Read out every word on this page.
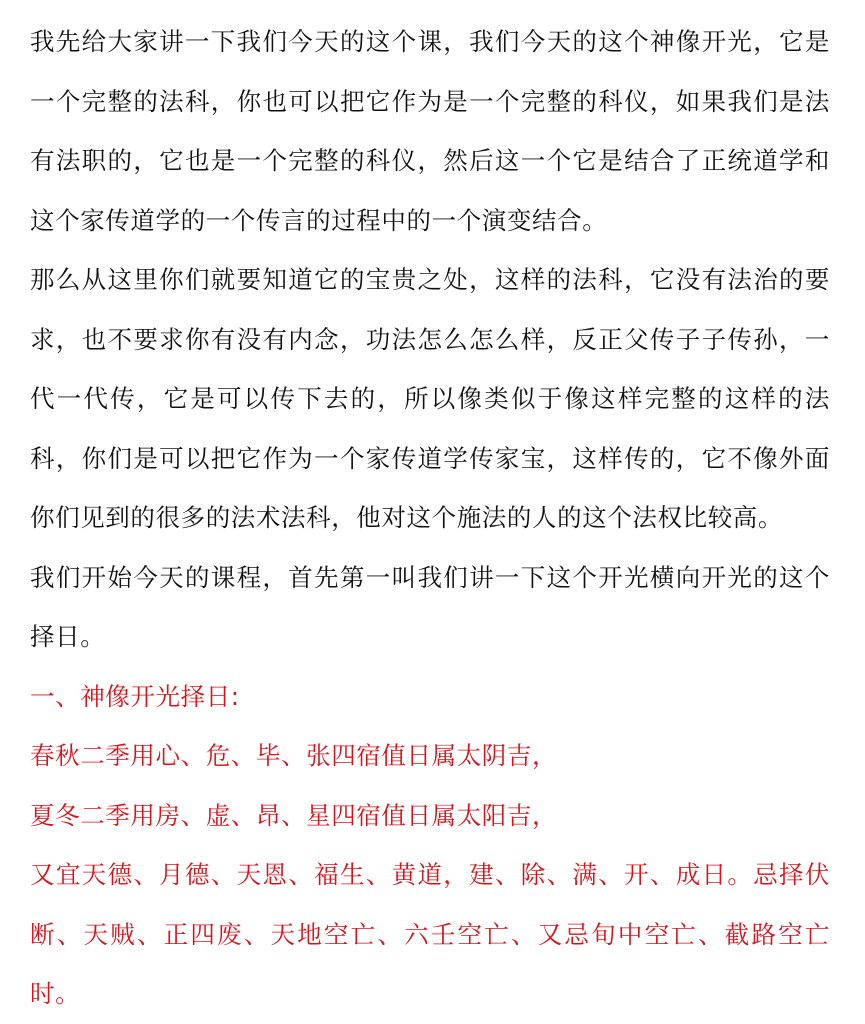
我先给大家讲一下我们今天的这个课，我们今天的这个神像开光，它是一个完整的法科，你也可以把它作为是一个完整的科仪，如果我们是法有法职的，它也是一个完整的科仪，然后这一个它是结合了正统道学和这个家传道学的一个传言的过程中的一个演变结合。

那么从这里你们就要知道它的宝贵之处，这样的法科，它没有法治的要求，也不要求你有没有内念，功法怎么怎么样，反正父传子子传孙，一代一代传，它是可以传下去的，所以像类似于像这样完整的这样的法科，你们是可以把它作为一个家传道学传家宝，这样传的，它不像外面你们见到的很多的法术法科，他对这个施法的人的这个法权比较高。

我们开始今天的课程，首先第一叫我们讲一下这个开光横向开光的这个择日。

一、神像开光择日:

春秋二季用心、危、毕、张四宿值日属太阴吉，

夏冬二季用房、虚、昂、星四宿值日属太阳吉，

又宜天德、月德、天恩、福生、黄道，建、除、满、开、成日。忌择伏断、天贼、正四废、天地空亡、六壬空亡、又忌旬中空亡、截路空亡时。
